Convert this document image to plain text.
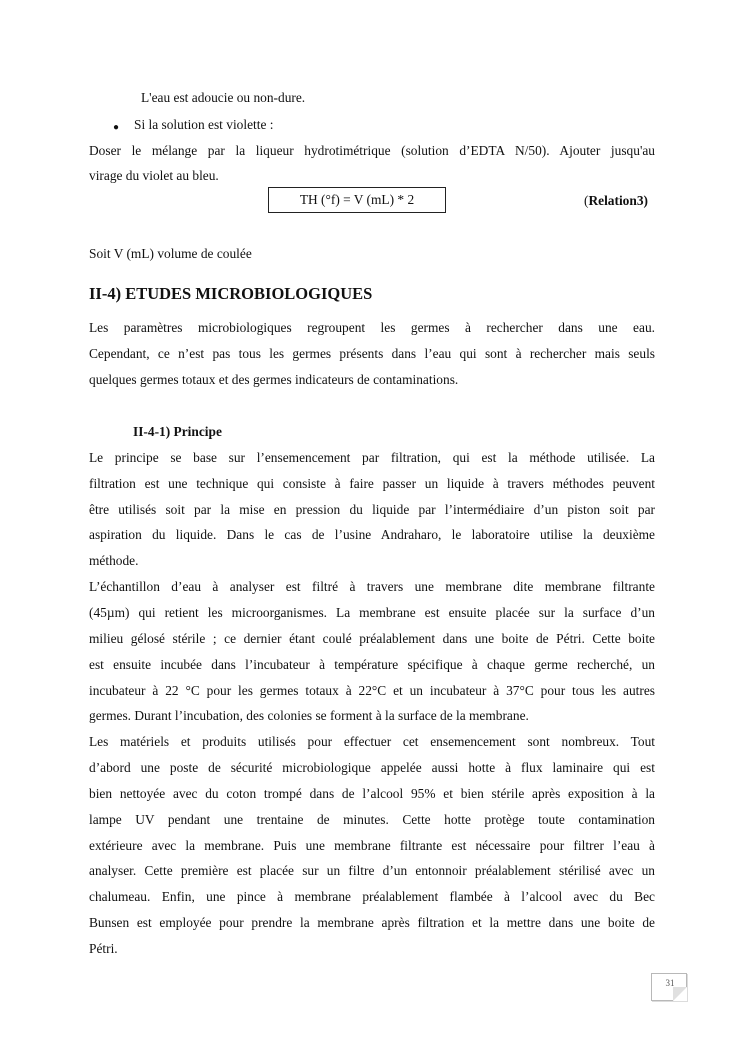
L'eau est adoucie ou non-dure.
● Si la solution est violette :
Doser le mélange par la liqueur hydrotimétrique (solution d’EDTA N/50). Ajouter jusqu'au
virage du violet au bleu.
TH (°f) = V (mL) * 2	(Relation3)
Soit V (mL) volume de coulée
II-4) ETUDES MICROBIOLOGIQUES
Les paramètres microbiologiques regroupent les germes à rechercher dans une eau.
Cependant, ce n’est pas tous les germes présents dans l’eau qui sont à rechercher mais seuls
quelques germes totaux et des germes indicateurs de contaminations.
II-4-1) Principe
Le principe se base sur l’ensemencement par filtration, qui est la méthode utilisée. La
filtration est une technique qui consiste à faire passer un liquide à travers méthodes peuvent
être utilisés soit par la mise en pression du liquide par l’intermédiaire d’un piston soit par
aspiration du liquide. Dans le cas de l’usine Andraharo, le laboratoire utilise la deuxième
méthode.
L’échantillon d’eau à analyser est filtré à travers une membrane dite membrane filtrante
(45µm) qui retient les microorganismes. La membrane est ensuite placée sur la surface d’un
milieu gélosé stérile ; ce dernier étant coulé préalablement dans une boite de Pétri. Cette boite
est ensuite incubée dans l’incubateur à température spécifique à chaque germe recherché, un
incubateur à 22 °C pour les germes totaux à 22°C et un incubateur à 37°C pour tous les autres
germes. Durant l’incubation, des colonies se forment à la surface de la membrane.
Les matériels et produits utilisés pour effectuer cet ensemencement sont nombreux. Tout
d’abord une poste de sécurité microbiologique appelée aussi hotte à flux laminaire qui est
bien nettoyée avec du coton trompé dans de l’alcool 95% et bien stérile après exposition à la
lampe UV pendant une trentaine de minutes. Cette hotte protège toute contamination
extérieure avec la membrane. Puis une membrane filtrante est nécessaire pour filtrer l’eau à
analyser. Cette première est placée sur un filtre d’un entonnoir préalablement stérilisé avec un
chalumeau. Enfin, une pince à membrane préalablement flambée à l’alcool avec du Bec
Bunsen est employée pour prendre la membrane après filtration et la mettre dans une boite de
Pétri.
31
